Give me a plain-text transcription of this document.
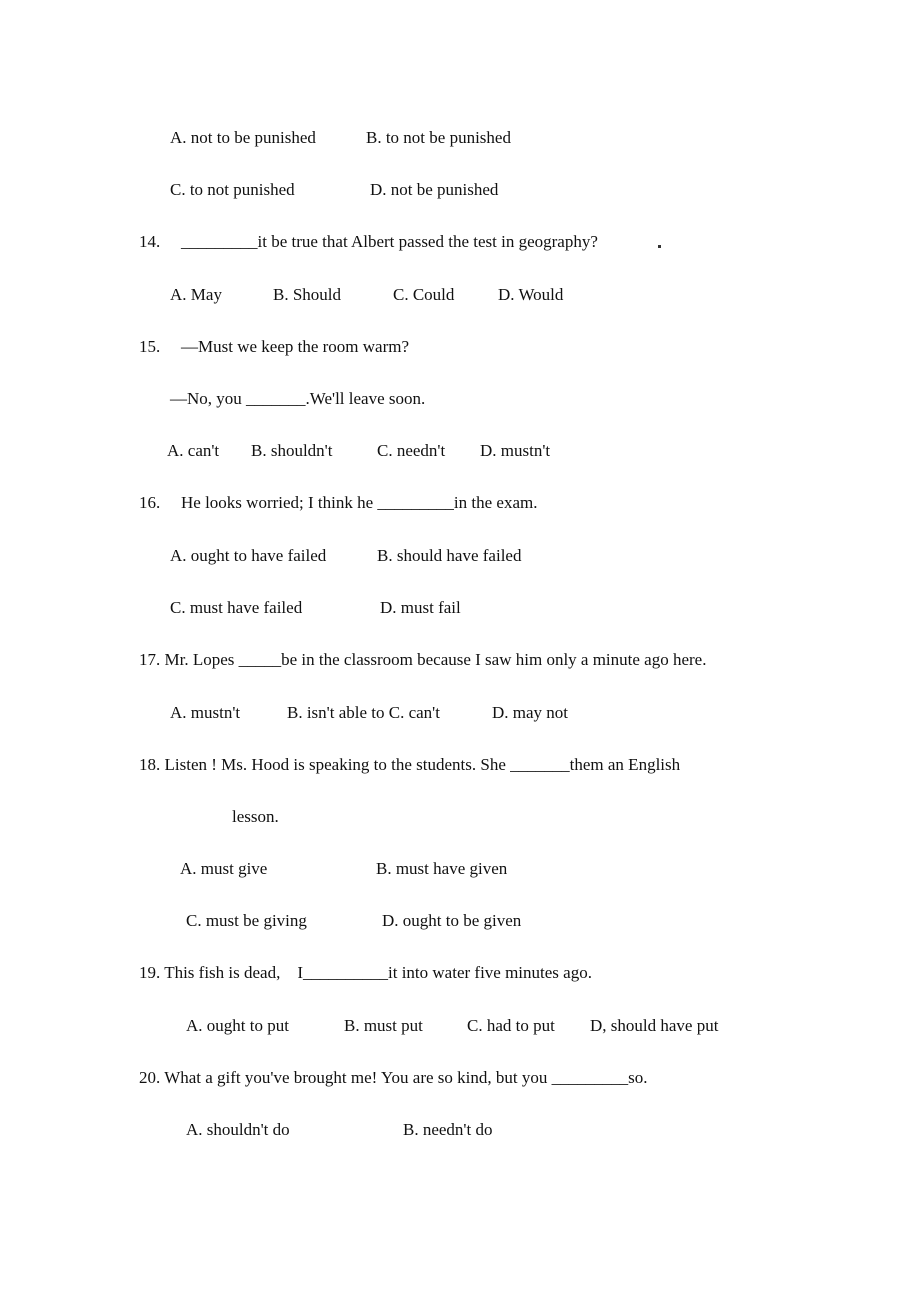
A. not to be punished	B. to not be punished
C. to not punished	D. not be punished
14. _________it be true that Albert passed the test in geography?
A. May	B. Should	C. Could	D. Would
15. —Must we keep the room warm?
—No, you _______.We'll leave soon.
A. can't B. shouldn't	C. needn't D. mustn't
16. He looks worried; I think he _________in the exam.
A. ought to have failed	B. should have failed
C. must have failed	D. must fail
17. Mr. Lopes _____be in the classroom because I saw him only a minute ago here.
A. mustn't	B. isn't able to C. can't	D. may not
18. Listen ! Ms. Hood is speaking to the students. She _______them an English
lesson.
A. must give	B. must have given
C. must be giving	D. ought to be given
19. This fish is dead,    I__________it into water five minutes ago.
A. ought to put	B. must put	C. had to put D, should have put
20. What a gift you've brought me! You are so kind, but you _________so.
A. shouldn't do	B. needn't do
